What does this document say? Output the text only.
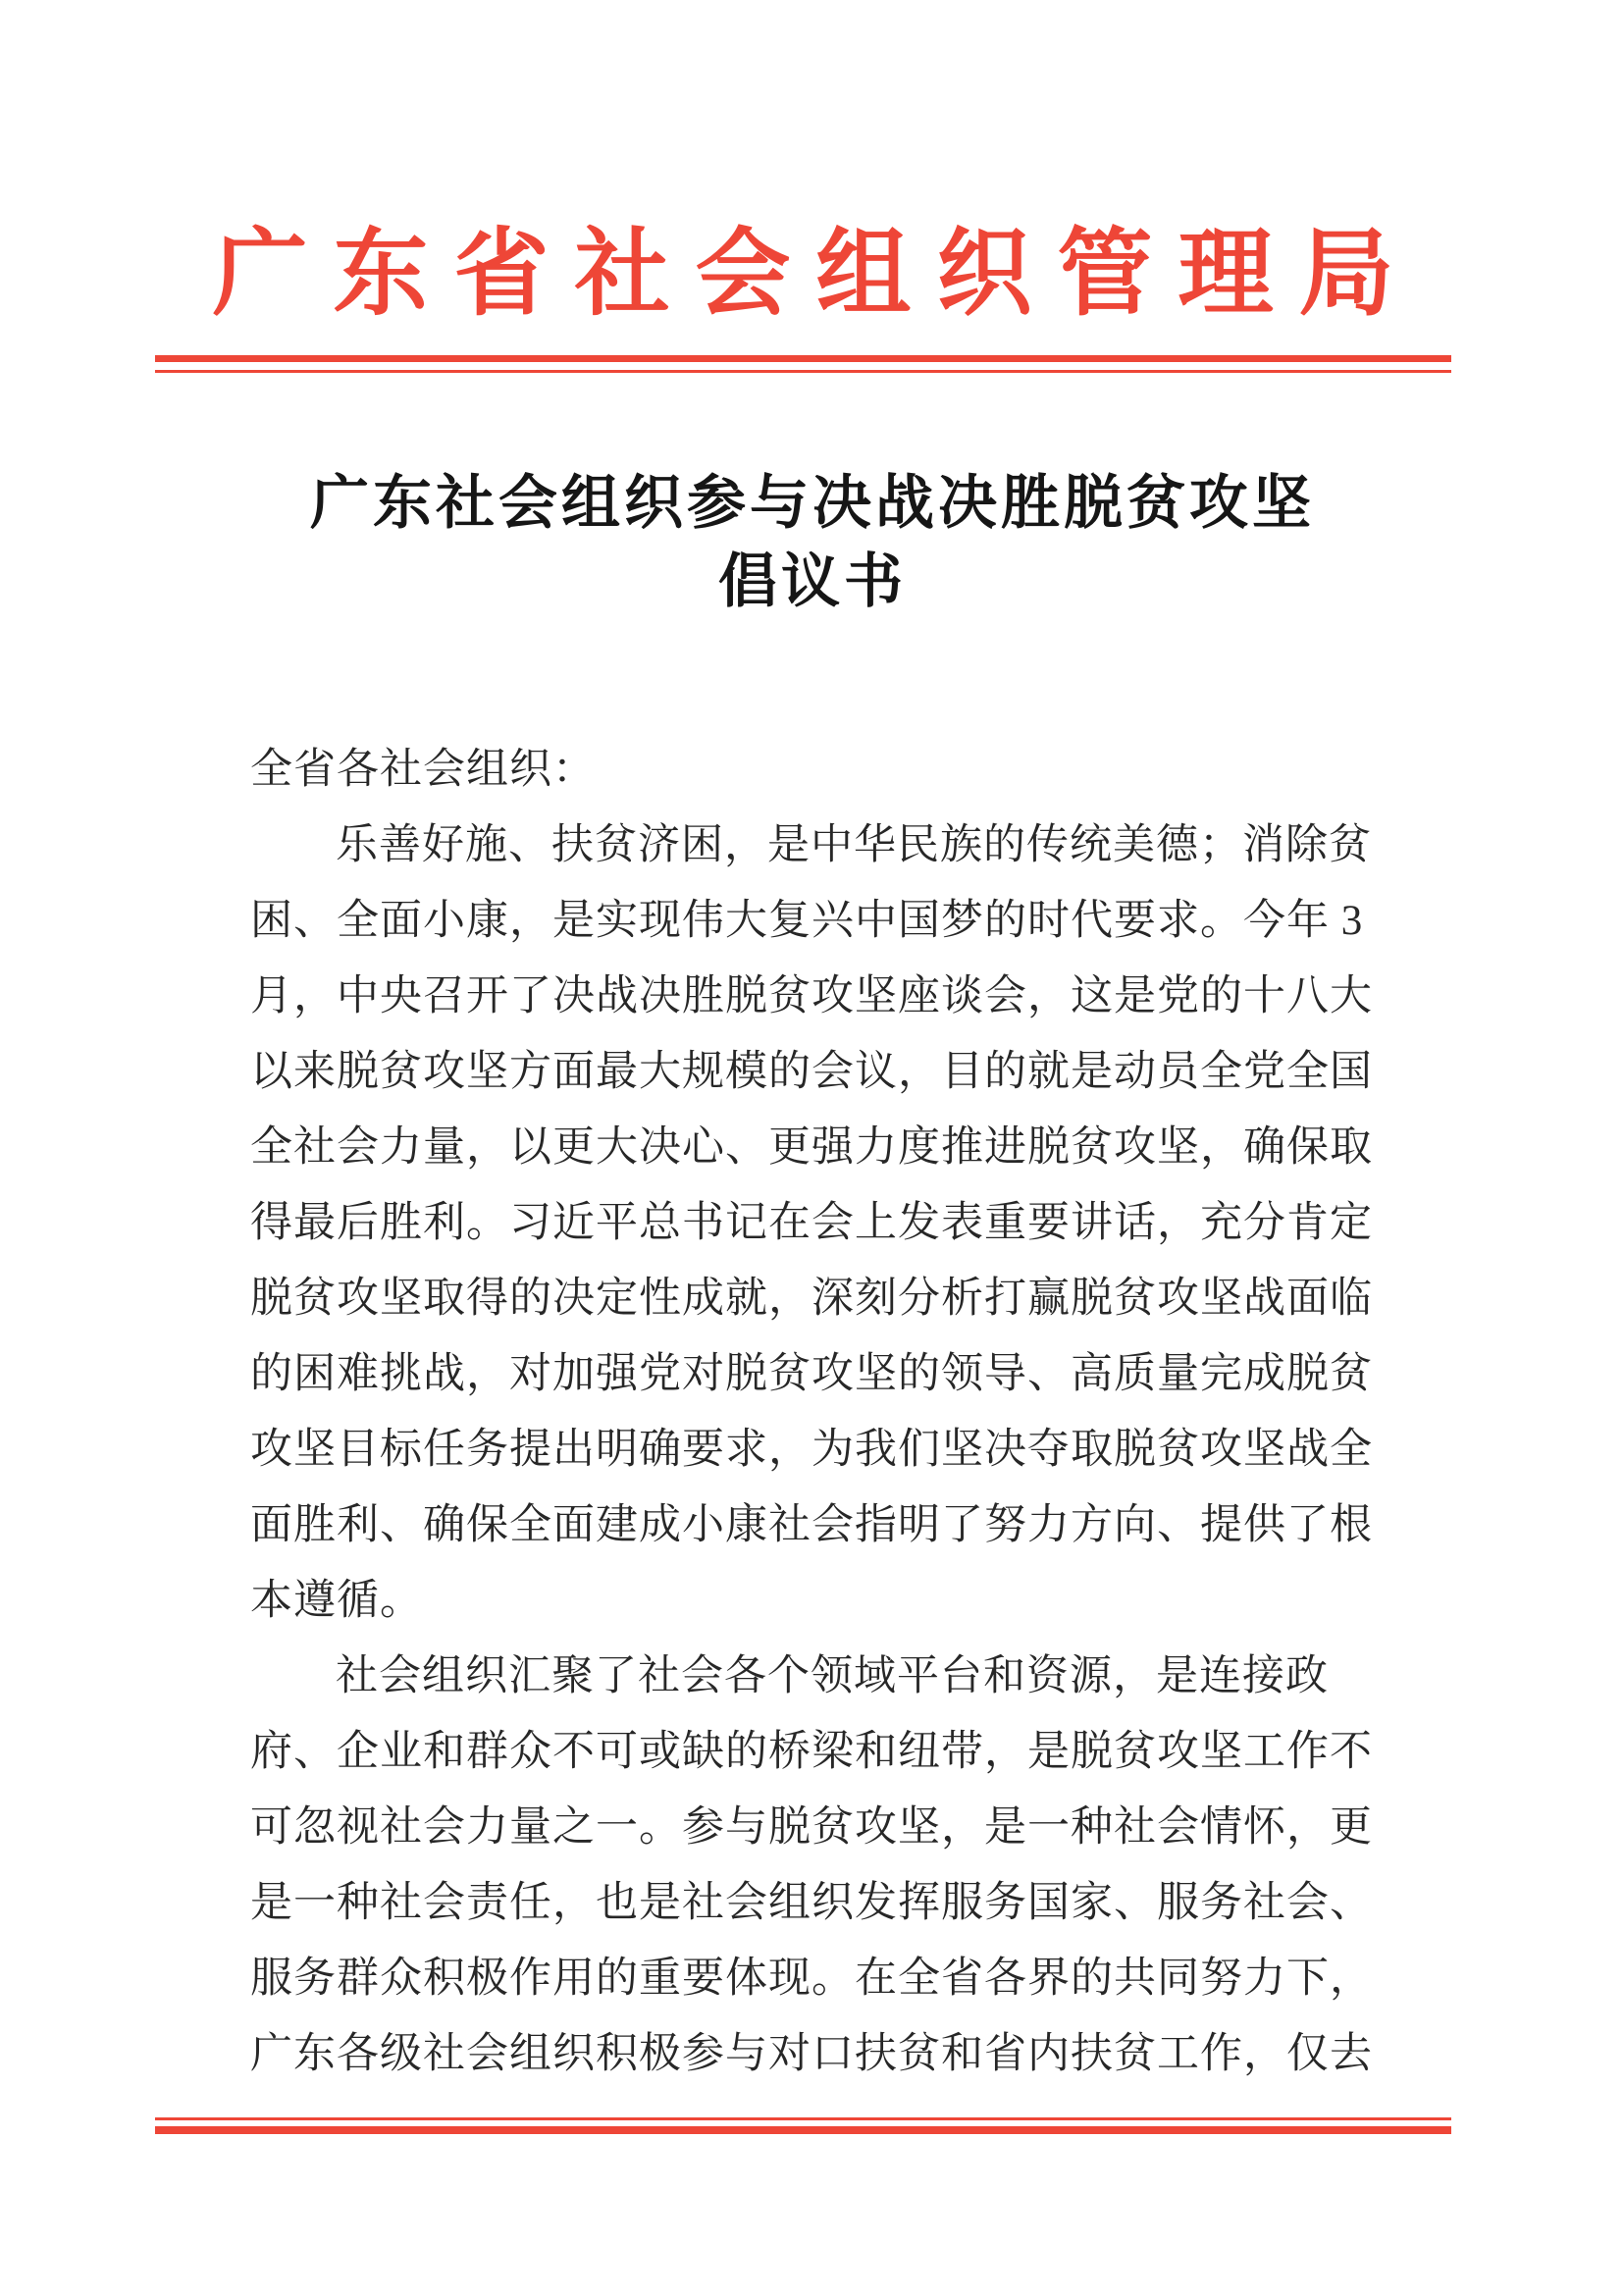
广东省社会组织管理局
广东社会组织参与决战决胜脱贫攻坚
倡议书
全省各社会组织：
乐善好施、扶贫济困，是中华民族的传统美德；消除贫
困、全面小康，是实现伟大复兴中国梦的时代要求。今年 3
月，中央召开了决战决胜脱贫攻坚座谈会，这是党的十八大
以来脱贫攻坚方面最大规模的会议，目的就是动员全党全国
全社会力量，以更大决心、更强力度推进脱贫攻坚，确保取
得最后胜利。习近平总书记在会上发表重要讲话，充分肯定
脱贫攻坚取得的决定性成就，深刻分析打赢脱贫攻坚战面临
的困难挑战，对加强党对脱贫攻坚的领导、高质量完成脱贫
攻坚目标任务提出明确要求，为我们坚决夺取脱贫攻坚战全
面胜利、确保全面建成小康社会指明了努力方向、提供了根
本遵循。
社会组织汇聚了社会各个领域平台和资源，是连接政
府、企业和群众不可或缺的桥梁和纽带，是脱贫攻坚工作不
可忽视社会力量之一。参与脱贫攻坚，是一种社会情怀，更
是一种社会责任，也是社会组织发挥服务国家、服务社会、
服务群众积极作用的重要体现。在全省各界的共同努力下，
广东各级社会组织积极参与对口扶贫和省内扶贫工作，仅去
